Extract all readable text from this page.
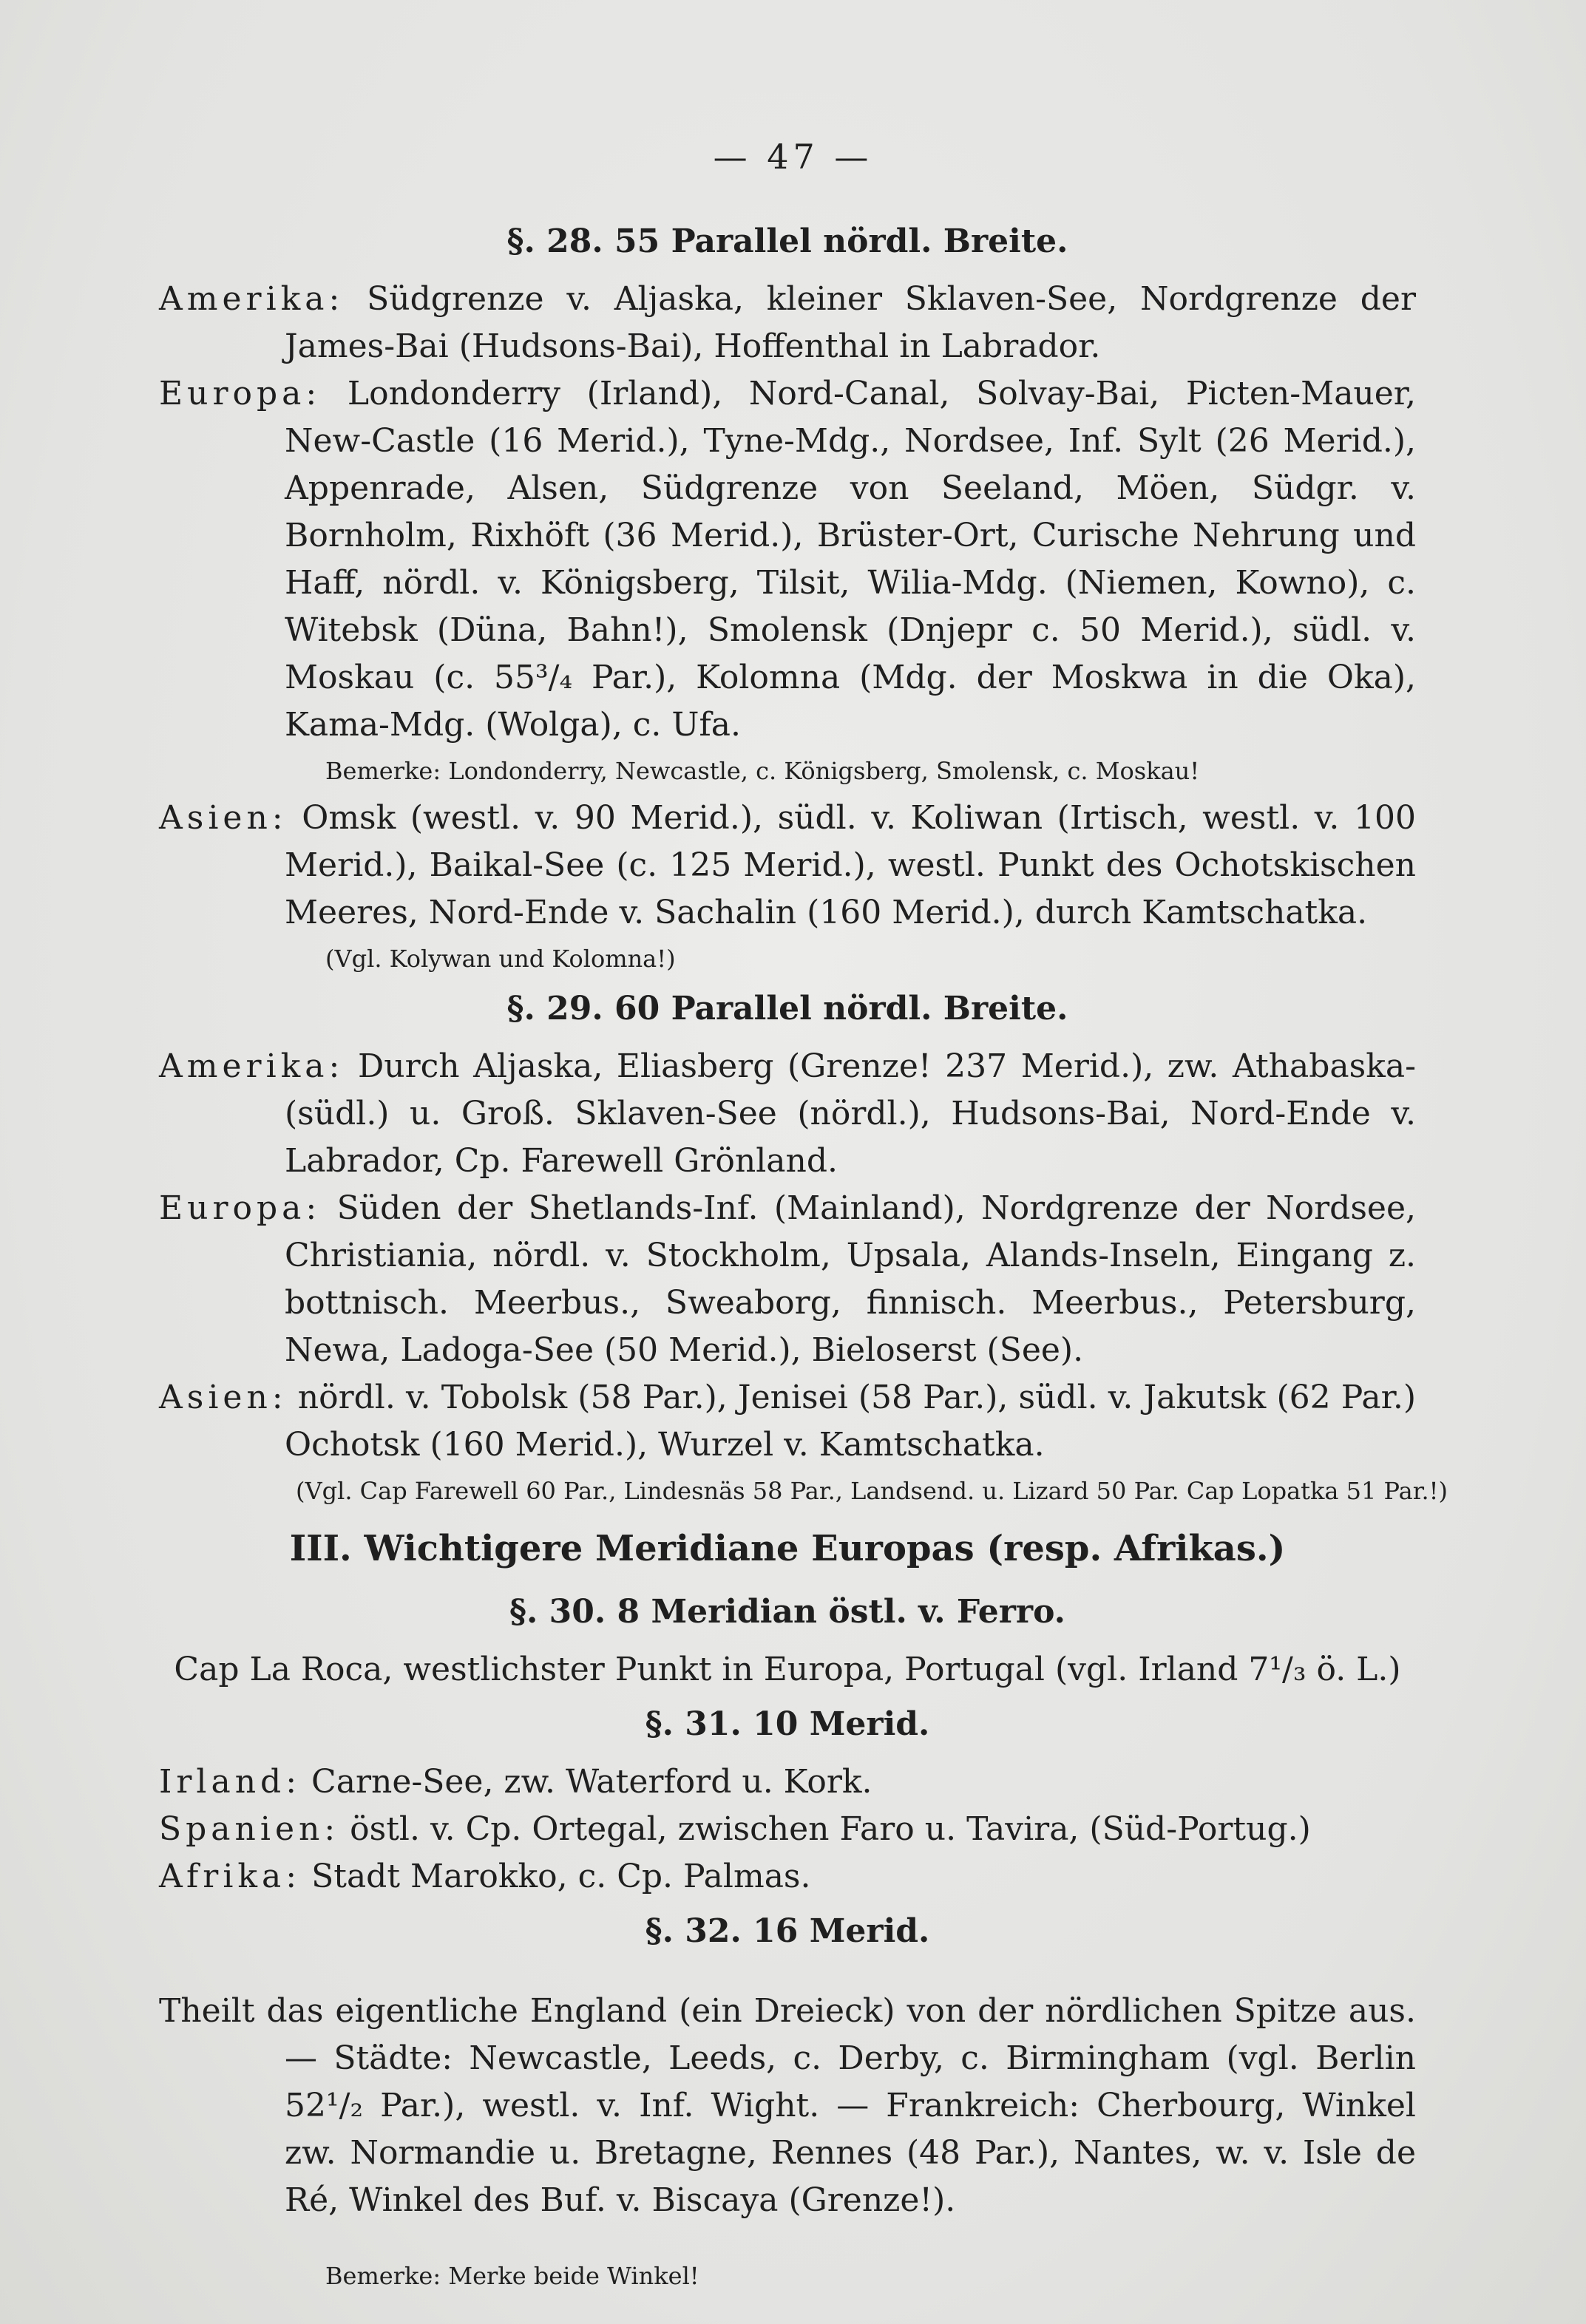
— 47 —
§. 28. 55 Parallel nördl. Breite.

Amerika: Südgrenze v. Aljaska, kleiner Sklaven-See, Nordgrenze der James-Bai (Hudsons-Bai), Hoffenthal in Labrador.

Europa: Londonderry (Irland), Nord-Canal, Solvay-Bai, Picten-Mauer, New-Castle (16 Merid.), Tyne-Mdg., Nordsee, Inf. Sylt (26 Merid.), Appenrade, Alsen, Südgrenze von Seeland, Möen, Südgr. v. Bornholm, Rixhöft (36 Merid.), Brüster-Ort, Curische Nehrung und Haff, nördl. v. Königsberg, Tilsit, Wilia-Mdg. (Niemen, Kowno), c. Witebsk (Düna, Bahn!), Smolensk (Dnjepr c. 50 Merid.), südl. v. Moskau (c. 55³/₄ Par.), Kolomna (Mdg. der Moskwa in die Oka), Kama-Mdg. (Wolga), c. Ufa.

Bemerke: Londonderry, Newcastle, c. Königsberg, Smolensk, c. Moskau!

Asien: Omsk (westl. v. 90 Merid.), südl. v. Koliwan (Irtisch, westl. v. 100 Merid.), Baikal-See (c. 125 Merid.), westl. Punkt des Ochotskischen Meeres, Nord-Ende v. Sachalin (160 Merid.), durch Kamtschatka.

(Vgl. Kolywan und Kolomna!)
§. 29. 60 Parallel nördl. Breite.

Amerika: Durch Aljaska, Eliasberg (Grenze! 237 Merid.), zw. Athabaska- (südl.) u. Groß. Sklaven-See (nördl.), Hudsons-Bai, Nord-Ende v. Labrador, Cp. Farewell Grönland.

Europa: Süden der Shetlands-Inf. (Mainland), Nordgrenze der Nordsee, Christiania, nördl. v. Stockholm, Upsala, Alands-Inseln, Eingang z. bottnisch. Meerbus., Sweaborg, finnisch. Meerbus., Petersburg, Newa, Ladoga-See (50 Merid.), Bieloserst (See).

Asien: nördl. v. Tobolsk (58 Par.), Jenisei (58 Par.), südl. v. Jakutsk (62 Par.) Ochotsk (160 Merid.), Wurzel v. Kamtschatka.

(Vgl. Cap Farewell 60 Par., Lindesnäs 58 Par., Landsend. u. Lizard 50 Par. Cap Lopatka 51 Par.!)
III. Wichtigere Meridiane Europas (resp. Afrikas.)
§. 30. 8 Meridian östl. v. Ferro.
Cap La Roca, westlichster Punkt in Europa, Portugal (vgl. Irland 7¹/₃ ö. L.)
§. 31. 10 Merid.
Irland: Carne-See, zw. Waterford u. Kork.
Spanien: östl. v. Cp. Ortegal, zwischen Faro u. Tavira, (Süd-Portug.)
Afrika: Stadt Marokko, c. Cp. Palmas.
§. 32. 16 Merid.

Theilt das eigentliche England (ein Dreieck) von der nördlichen Spitze aus. — Städte: Newcastle, Leeds, c. Derby, c. Birmingham (vgl. Berlin 52¹/₂ Par.), westl. v. Inf. Wight. — Frankreich: Cherbourg, Winkel zw. Normandie u. Bretagne, Rennes (48 Par.), Nantes, w. v. Isle de Ré, Winkel des Buf. v. Biscaya (Grenze!).

Bemerke: Merke beide Winkel!
